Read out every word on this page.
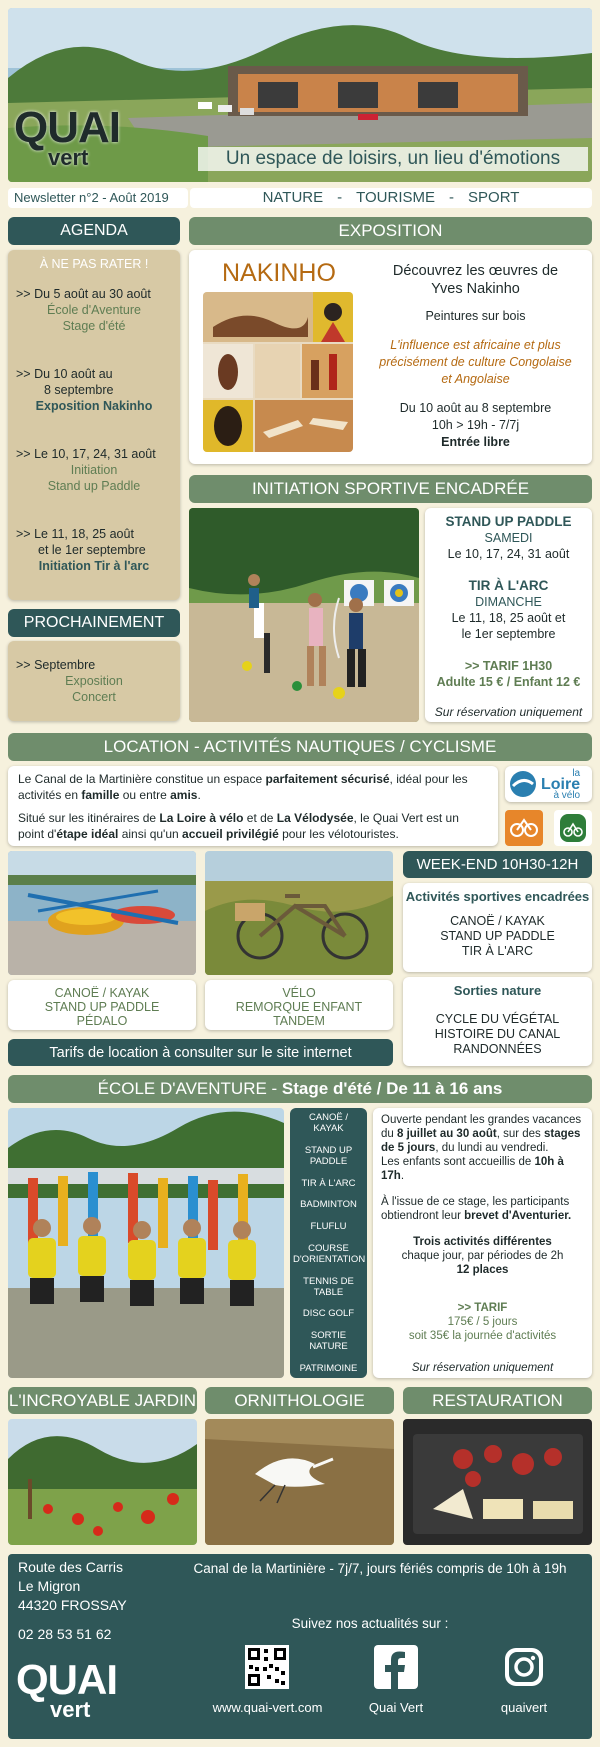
QUAI
vert	Un espace de loisirs, un lieu d'émotions
Newsletter n°2 - Août 2019	NATURE - TOURISME - SPORT
AGENDA
À NE PAS RATER !
>> Du 5 août au 30 août
École d'Aventure
Stage d'été
>> Du 10 août au
8 septembre
Exposition Nakinho
>> Le 10, 17, 24, 31 août
Initiation
Stand up Paddle
>> Le 11, 18, 25 août
et le 1er septembre
Initiation Tir à l'arc
PROCHAINEMENT
>> Septembre
Exposition
Concert
EXPOSITION
NAKINHO	Découvrez les œuvres de
Yves Nakinho
Peintures sur bois
L'influence est africaine et plus
précisément de culture Congolaise
et Angolaise
Du 10 août au 8 septembre
10h > 19h - 7/7j
Entrée libre
INITIATION SPORTIVE ENCADRÉE
STAND UP PADDLE
SAMEDI
Le 10, 17, 24, 31 août
TIR À L'ARC
DIMANCHE
Le 11, 18, 25 août et
le 1er septembre
>> TARIF 1H30
Adulte 15 € / Enfant 12 €
Sur réservation uniquement
LOCATION - ACTIVITÉS NAUTIQUES / CYCLISME

Le Canal de la Martinière constitue un espace parfaitement sécurisé, idéal pour les activités en famille ou entre amis.

Situé sur les itinéraires de La Loire à vélo et de La Vélodysée, le Quai Vert est un point d'étape idéal ainsi qu'un accueil privilégié pour les vélotouristes.

la
Loire
à vélo
CANOË / KAYAK
STAND UP PADDLE
PÉDALO
VÉLO
REMORQUE ENFANT
TANDEM
Tarifs de location à consulter sur le site internet
WEEK-END 10H30-12H
Activités sportives encadrées
CANOË / KAYAK
STAND UP PADDLE
TIR À L'ARC
Sorties nature
CYCLE DU VÉGÉTAL
HISTOIRE DU CANAL
RANDONNÉES
ÉCOLE D'AVENTURE - Stage d'été / De 11 à 16 ans
CANOË / KAYAK
STAND UP PADDLE
TIR À L'ARC
BADMINTON
FLUFLU
COURSE D'ORIENTATION
TENNIS DE TABLE
DISC GOLF
SORTIE NATURE
PATRIMOINE

Ouverte pendant les grandes vacances du 8 juillet au 30 août, sur des stages de 5 jours, du lundi au vendredi.

Les enfants sont accueillis de 10h à 17h.

À l'issue de ce stage, les participants obtiendront leur brevet d'Aventurier.

Trois activités différentes
chaque jour, par périodes de 2h
12 places
>> TARIF
175€ / 5 jours
soit 35€ la journée d'activités
Sur réservation uniquement
L'INCROYABLE JARDIN	ORNITHOLOGIE	RESTAURATION
Route des Carris
Le Migron
44320 FROSSAY
02 28 53 51 62
QUAI
vert
Canal de la Martinière - 7j/7, jours fériés compris de 10h à 19h
Suivez nos actualités sur :
www.quai-vert.com	Quai Vert	quaivert
